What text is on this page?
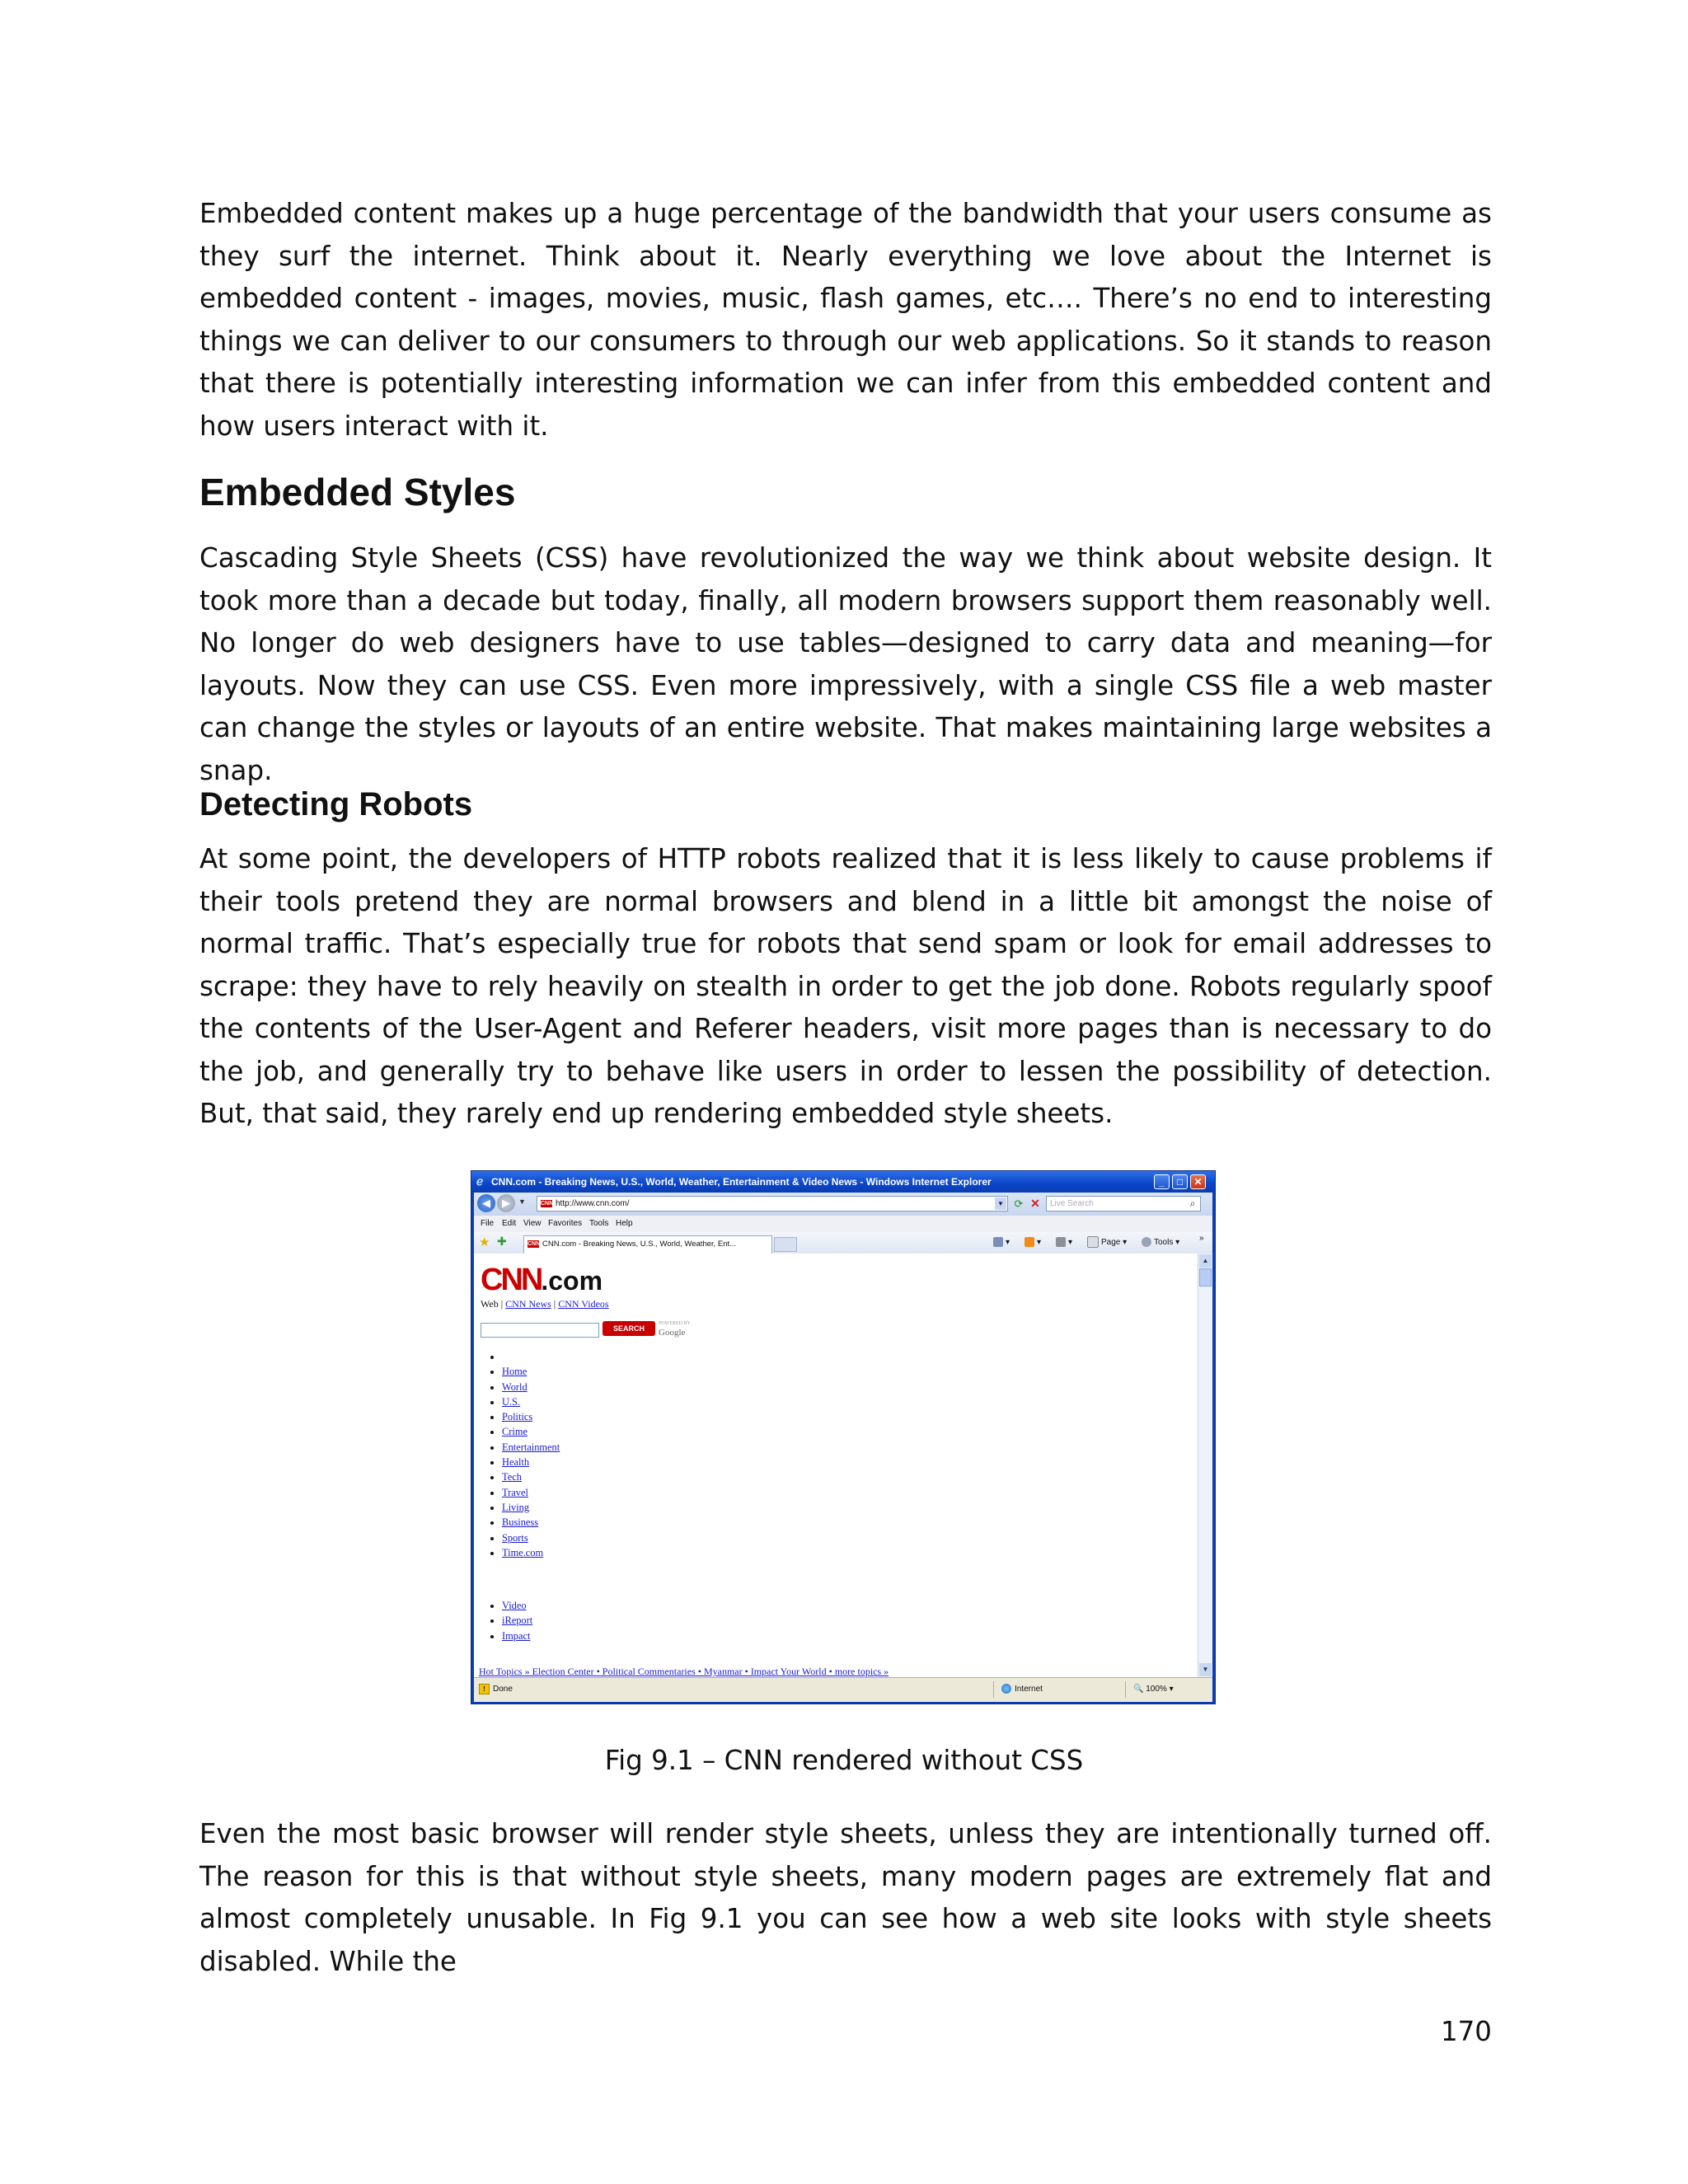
Embedded content makes up a huge percentage of the bandwidth that your users consume as they surf the internet. Think about it. Nearly everything we love about the Internet is embedded content - images, movies, music, flash games, etc…. There’s no end to interesting things we can deliver to our consumers to through our web applications. So it stands to reason that there is potentially interesting information we can infer from this embedded content and how users interact with it.

Embedded Styles

Cascading Style Sheets (CSS) have revolutionized the way we think about website design. It took more than a decade but today, finally, all modern browsers support them reasonably well. No longer do web designers have to use tables—designed to carry data and meaning—for layouts. Now they can use CSS. Even more impressively, with a single CSS file a web master can change the styles or layouts of an entire website. That makes maintaining large websites a snap.

Detecting Robots

At some point, the developers of HTTP robots realized that it is less likely to cause problems if their tools pretend they are normal browsers and blend in a little bit amongst the noise of normal traffic. That’s especially true for robots that send spam or look for email addresses to scrape: they have to rely heavily on stealth in order to get the job done. Robots regularly spoof the contents of the User-Agent and Referer headers, visit more pages than is necessary to do the job, and generally try to behave like users in order to lessen the possibility of detection. But, that said, they rarely end up rendering embedded style sheets.

ℯ CNN.com - Breaking News, U.S., World, Weather, Entertainment & Video News - Windows Internet Explorer	_	□	✕
◀	▶	▼	CNN http://www.cnn.com/	▼ ⟳ ✕	Live Search	⌕
File Edit View Favorites Tools Help
★ ✚	CNN CNN.com - Breaking News, U.S., World, Weather, Ent...	▾	▾	▾	Page ▾	Tools ▾ »
CNN.com
Web | CNN News | CNN Videos
SEARCH
POWERED BY
Google
•
• Home
• World
• U.S.
• Politics
• Crime
• Entertainment
• Health
• Tech
• Travel
• Living
• Business
• Sports
• Time.com
• Video
• iReport
• Impact
Hot Topics » Election Center • Political Commentaries • Myanmar • Impact Your World • more topics »
▲
▼
! Done	Internet	🔍 100% ▾

Fig 9.1 – CNN rendered without CSS

Even the most basic browser will render style sheets, unless they are intentionally turned off. The reason for this is that without style sheets, many modern pages are extremely flat and almost completely unusable. In Fig 9.1 you can see how a web site looks with style sheets disabled. While the

170
